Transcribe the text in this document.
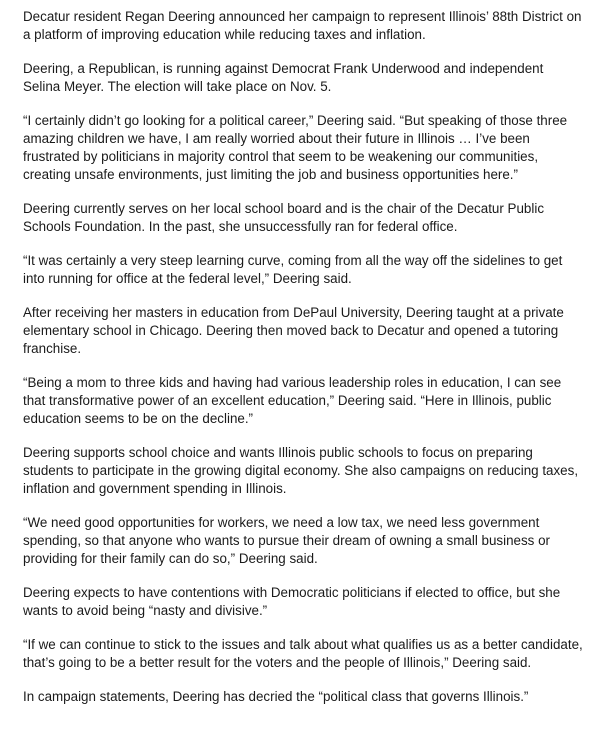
Decatur resident Regan Deering announced her campaign to represent Illinois’ 88th District on a platform of improving education while reducing taxes and inflation.

Deering, a Republican, is running against Democrat Frank Underwood and independent Selina Meyer. The election will take place on Nov. 5.

“I certainly didn’t go looking for a political career,” Deering said. “But speaking of those three amazing children we have, I am really worried about their future in Illinois … I’ve been frustrated by politicians in majority control that seem to be weakening our communities, creating unsafe environments, just limiting the job and business opportunities here.”

Deering currently serves on her local school board and is the chair of the Decatur Public Schools Foundation. In the past, she unsuccessfully ran for federal office.

“It was certainly a very steep learning curve, coming from all the way off the sidelines to get into running for office at the federal level,” Deering said.

After receiving her masters in education from DePaul University, Deering taught at a private elementary school in Chicago. Deering then moved back to Decatur and opened a tutoring franchise.

“Being a mom to three kids and having had various leadership roles in education, I can see that transformative power of an excellent education,” Deering said. “Here in Illinois, public education seems to be on the decline.”

Deering supports school choice and wants Illinois public schools to focus on preparing students to participate in the growing digital economy. She also campaigns on reducing taxes, inflation and government spending in Illinois.

“We need good opportunities for workers, we need a low tax, we need less government spending, so that anyone who wants to pursue their dream of owning a small business or providing for their family can do so,” Deering said.

Deering expects to have contentions with Democratic politicians if elected to office, but she wants to avoid being “nasty and divisive.”

“If we can continue to stick to the issues and talk about what qualifies us as a better candidate, that’s going to be a better result for the voters and the people of Illinois,” Deering said.

In campaign statements, Deering has decried the “political class that governs Illinois.”
